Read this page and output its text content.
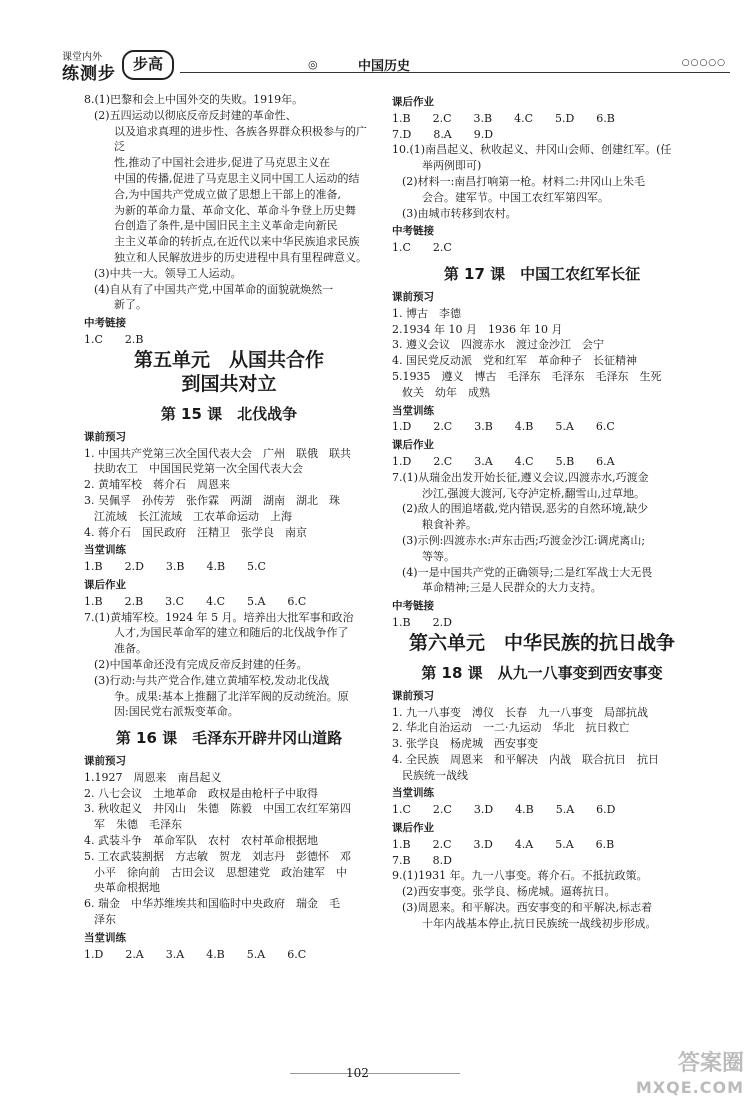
课堂内外
练测步	步高	◎	中国历史	○○○○○
8.(1)巴黎和会上中国外交的失败。1919年。
(2)五四运动以彻底反帝反封建的革命性、
以及追求真理的进步性、各族各界群众积极参与的广泛
性,推动了中国社会进步,促进了马克思主义在
中国的传播,促进了马克思主义同中国工人运动的结
合,为中国共产党成立做了思想上干部上的准备,
为新的革命力量、革命文化、革命斗争登上历史舞
台创造了条件,是中国旧民主主义革命走向新民
主主义革命的转折点,在近代以来中华民族追求民族
独立和人民解放进步的历史进程中具有里程碑意义。
(3)中共一大。领导工人运动。
(4)自从有了中国共产党,中国革命的面貌就焕然一
新了。
中考链接
1.C　　2.B
第五单元　从国共合作
到国共对立
第 15 课　北伐战争
课前预习
1. 中国共产党第三次全国代表大会　广州　联俄　联共
扶助农工　中国国民党第一次全国代表大会
2. 黄埔军校　蒋介石　周恩来
3. 吴佩孚　孙传芳　张作霖　两湖　湖南　湖北　珠
江流域　长江流域　工农革命运动　上海
4. 蒋介石　国民政府　汪精卫　张学良　南京
当堂训练
1.B　　2.D　　3.B　　4.B　　5.C
课后作业
1.B　　2.B　　3.C　　4.C　　5.A　　6.C
7.(1)黄埔军校。1924 年 5 月。培养出大批军事和政治
人才,为国民革命军的建立和随后的北伐战争作了
准备。
(2)中国革命还没有完成反帝反封建的任务。
(3)行动:与共产党合作,建立黄埔军校,发动北伐战
争。成果:基本上推翻了北洋军阀的反动统治。原
因:国民党右派叛变革命。
第 16 课　毛泽东开辟井冈山道路
课前预习
1.1927　周恩来　南昌起义
2. 八七会议　土地革命　政权是由枪杆子中取得
3. 秋收起义　井冈山　朱德　陈毅　中国工农红军第四
军　朱德　毛泽东
4. 武装斗争　革命军队　农村　农村革命根据地
5. 工农武装割据　方志敏　贺龙　刘志丹　彭德怀　邓
小平　徐向前　古田会议　思想建党　政治建军　中
央革命根据地
6. 瑞金　中华苏维埃共和国临时中央政府　瑞金　毛
泽东
当堂训练
1.D　　2.A　　3.A　　4.B　　5.A　　6.C
课后作业
1.B　　2.C　　3.B　　4.C　　5.D　　6.B
7.D　　8.A　　9.D
10.(1)南昌起义、秋收起义、井冈山会师、创建红军。(任
举两例即可)
(2)材料一:南昌打响第一枪。材料二:井冈山上朱毛
会合。建军节。中国工农红军第四军。
(3)由城市转移到农村。
中考链接
1.C　　2.C
第 17 课　中国工农红军长征
课前预习
1. 博古　李德
2.1934 年 10 月　1936 年 10 月
3. 遵义会议　四渡赤水　渡过金沙江　会宁
4. 国民党反动派　党和红军　革命种子　长征精神
5.1935　遵义　博古　毛泽东　毛泽东　毛泽东　生死
攸关　幼年　成熟
当堂训练
1.D　　2.C　　3.B　　4.B　　5.A　　6.C
课后作业
1.D　　2.C　　3.A　　4.C　　5.B　　6.A
7.(1)从瑞金出发开始长征,遵义会议,四渡赤水,巧渡金
沙江,强渡大渡河,飞夺泸定桥,翻雪山,过草地。
(2)敌人的围追堵截,党内错误,恶劣的自然环境,缺少
粮食补养。
(3)示例:四渡赤水:声东击西;巧渡金沙江:调虎离山;
等等。
(4)一是中国共产党的正确领导;二是红军战士大无畏
革命精神;三是人民群众的大力支持。
中考链接
1.B　　2.D
第六单元　中华民族的抗日战争
第 18 课　从九一八事变到西安事变
课前预习
1. 九一八事变　溥仪　长春　九一八事变　局部抗战
2. 华北自治运动　一二·九运动　华北　抗日救亡
3. 张学良　杨虎城　西安事变
4. 全民族　周恩来　和平解决　内战　联合抗日　抗日
民族统一战线
当堂训练
1.C　　2.C　　3.D　　4.B　　5.A　　6.D
课后作业
1.B　　2.C　　3.D　　4.A　　5.A　　6.B
7.B　　8.D
9.(1)1931 年。九一八事变。蒋介石。不抵抗政策。
(2)西安事变。张学良、杨虎城。逼蒋抗日。
(3)周恩来。和平解决。西安事变的和平解决,标志着
十年内战基本停止,抗日民族统一战线初步形成。
102	答案圈
MXQE.COM
